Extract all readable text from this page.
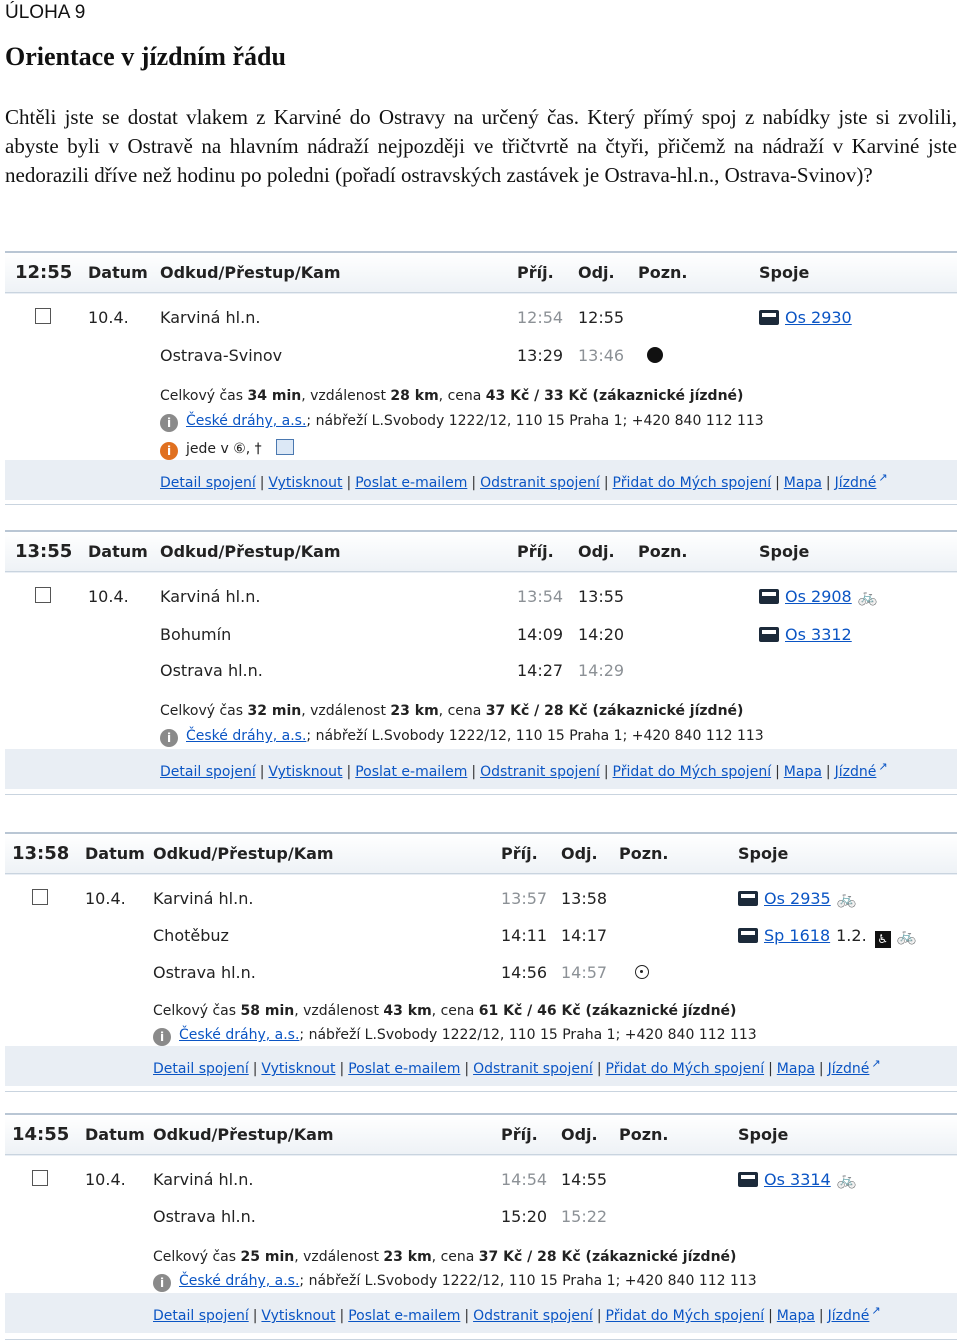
ÚLOHA 9
Orientace v jízdním řádu
Chtěli jste se dostat vlakem z Karviné do Ostravy na určený čas. Který přímý spoj z nabídky jste si zvolili, abyste byli v Ostravě na hlavním nádraží nejpozději ve třičtvrtě na čtyři, přičemž na nádraží v Karviné jste nedorazili dříve než hodinu po poledni (pořadí ostravských zastávek je Ostrava-hl.n., Ostrava-Svinov)?
12:55 Datum Odkud/Přestup/Kam	Příj. Odj. Pozn.	Spoje
10.4. Karviná hl.n.	12:54 12:55	Os 2930
Ostrava-Svinov	13:29 13:46
Celkový čas 34 min, vzdálenost 28 km, cena 43 Kč / 33 Kč (zákaznické jízdné)
i České dráhy, a.s.; nábřeží L.Svobody 1222/12, 110 15 Praha 1; +420 840 112 113
i jede v ⑥, †
Detail spojení | Vytisknout | Poslat e-mailem | Odstranit spojení | Přidat do Mých spojení | Mapa | Jízdné ↗
13:55 Datum Odkud/Přestup/Kam	Příj. Odj. Pozn.	Spoje
10.4. Karviná hl.n.	13:54 13:55	Os 2908 🚲
Bohumín	14:09 14:20	Os 3312
Ostrava hl.n.	14:27 14:29
Celkový čas 32 min, vzdálenost 23 km, cena 37 Kč / 28 Kč (zákaznické jízdné)
i České dráhy, a.s.; nábřeží L.Svobody 1222/12, 110 15 Praha 1; +420 840 112 113
Detail spojení | Vytisknout | Poslat e-mailem | Odstranit spojení | Přidat do Mých spojení | Mapa | Jízdné ↗
13:58 Datum Odkud/Přestup/Kam	Příj. Odj. Pozn.	Spoje
10.4. Karviná hl.n.	13:57 13:58	Os 2935 🚲
Chotěbuz	14:11 14:17	Sp 1618 1.2. ♿ 🚲
Ostrava hl.n.	14:56 14:57
Celkový čas 58 min, vzdálenost 43 km, cena 61 Kč / 46 Kč (zákaznické jízdné)
i České dráhy, a.s.; nábřeží L.Svobody 1222/12, 110 15 Praha 1; +420 840 112 113
Detail spojení | Vytisknout | Poslat e-mailem | Odstranit spojení | Přidat do Mých spojení | Mapa | Jízdné ↗
14:55 Datum Odkud/Přestup/Kam	Příj. Odj. Pozn.	Spoje
10.4. Karviná hl.n.	14:54 14:55	Os 3314 🚲
Ostrava hl.n.	15:20 15:22
Celkový čas 25 min, vzdálenost 23 km, cena 37 Kč / 28 Kč (zákaznické jízdné)
i České dráhy, a.s.; nábřeží L.Svobody 1222/12, 110 15 Praha 1; +420 840 112 113
Detail spojení | Vytisknout | Poslat e-mailem | Odstranit spojení | Přidat do Mých spojení | Mapa | Jízdné ↗
